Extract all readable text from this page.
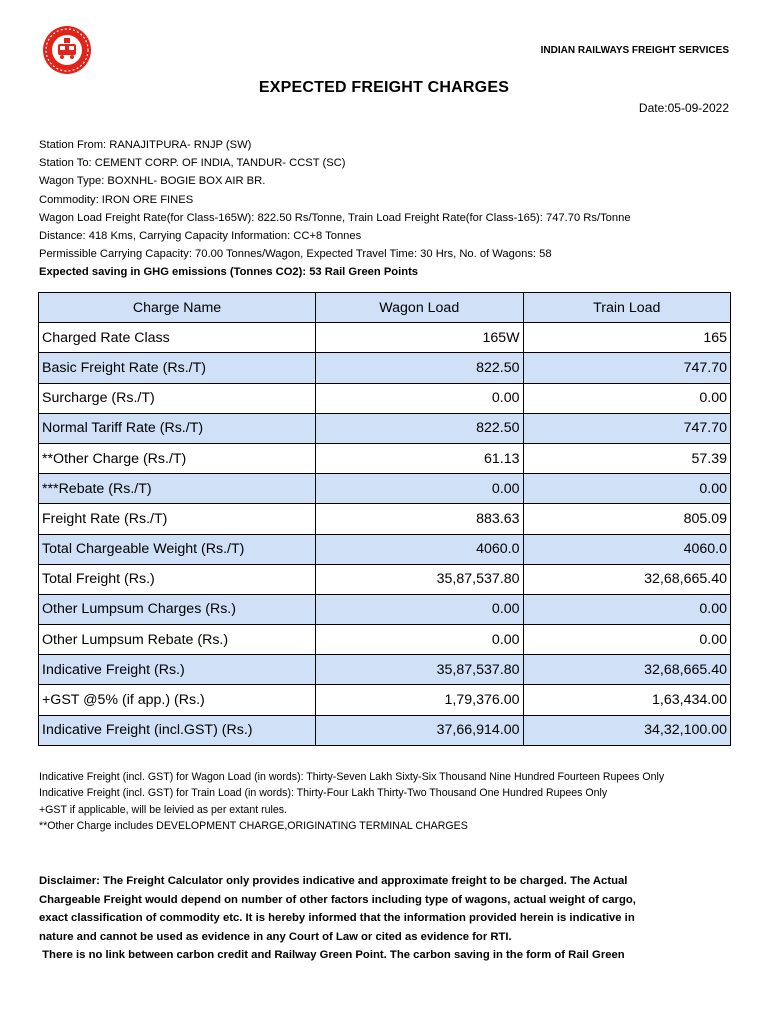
INDIAN RAILWAYS FREIGHT SERVICES
EXPECTED FREIGHT CHARGES
Date:05-09-2022
Station From: RANAJITPURA- RNJP (SW)
Station To: CEMENT CORP. OF INDIA, TANDUR- CCST (SC)
Wagon Type: BOXNHL- BOGIE BOX AIR BR.
Commodity: IRON ORE FINES
Wagon Load Freight Rate(for Class-165W): 822.50 Rs/Tonne, Train Load Freight Rate(for Class-165): 747.70 Rs/Tonne
Distance: 418 Kms, Carrying Capacity Information: CC+8 Tonnes
Permissible Carrying Capacity: 70.00 Tonnes/Wagon, Expected Travel Time: 30 Hrs, No. of Wagons: 58
Expected saving in GHG emissions (Tonnes CO2): 53 Rail Green Points
Charge Name	Wagon Load	Train Load
Charged Rate Class	165W	165
Basic Freight Rate (Rs./T)	822.50	747.70
Surcharge (Rs./T)	0.00	0.00
Normal Tariff Rate (Rs./T)	822.50	747.70
**Other Charge (Rs./T)	61.13	57.39
***Rebate (Rs./T)	0.00	0.00
Freight Rate (Rs./T)	883.63	805.09
Total Chargeable Weight (Rs./T)	4060.0	4060.0
Total Freight (Rs.)	35,87,537.80	32,68,665.40
Other Lumpsum Charges (Rs.)	0.00	0.00
Other Lumpsum Rebate (Rs.)	0.00	0.00
Indicative Freight (Rs.)	35,87,537.80	32,68,665.40
+GST @5% (if app.) (Rs.)	1,79,376.00	1,63,434.00
Indicative Freight (incl.GST) (Rs.)	37,66,914.00	34,32,100.00
Indicative Freight (incl. GST) for Wagon Load (in words): Thirty-Seven Lakh Sixty-Six Thousand Nine Hundred Fourteen Rupees Only
Indicative Freight (incl. GST) for Train Load (in words): Thirty-Four Lakh Thirty-Two Thousand One Hundred Rupees Only
+GST if applicable, will be leivied as per extant rules.
**Other Charge includes DEVELOPMENT CHARGE,ORIGINATING TERMINAL CHARGES
Disclaimer: The Freight Calculator only provides indicative and approximate freight to be charged. The Actual
Chargeable Freight would depend on number of other factors including type of wagons, actual weight of cargo,
exact classification of commodity etc. It is hereby informed that the information provided herein is indicative in
nature and cannot be used as evidence in any Court of Law or cited as evidence for RTI.
There is no link between carbon credit and Railway Green Point. The carbon saving in the form of Rail Green
